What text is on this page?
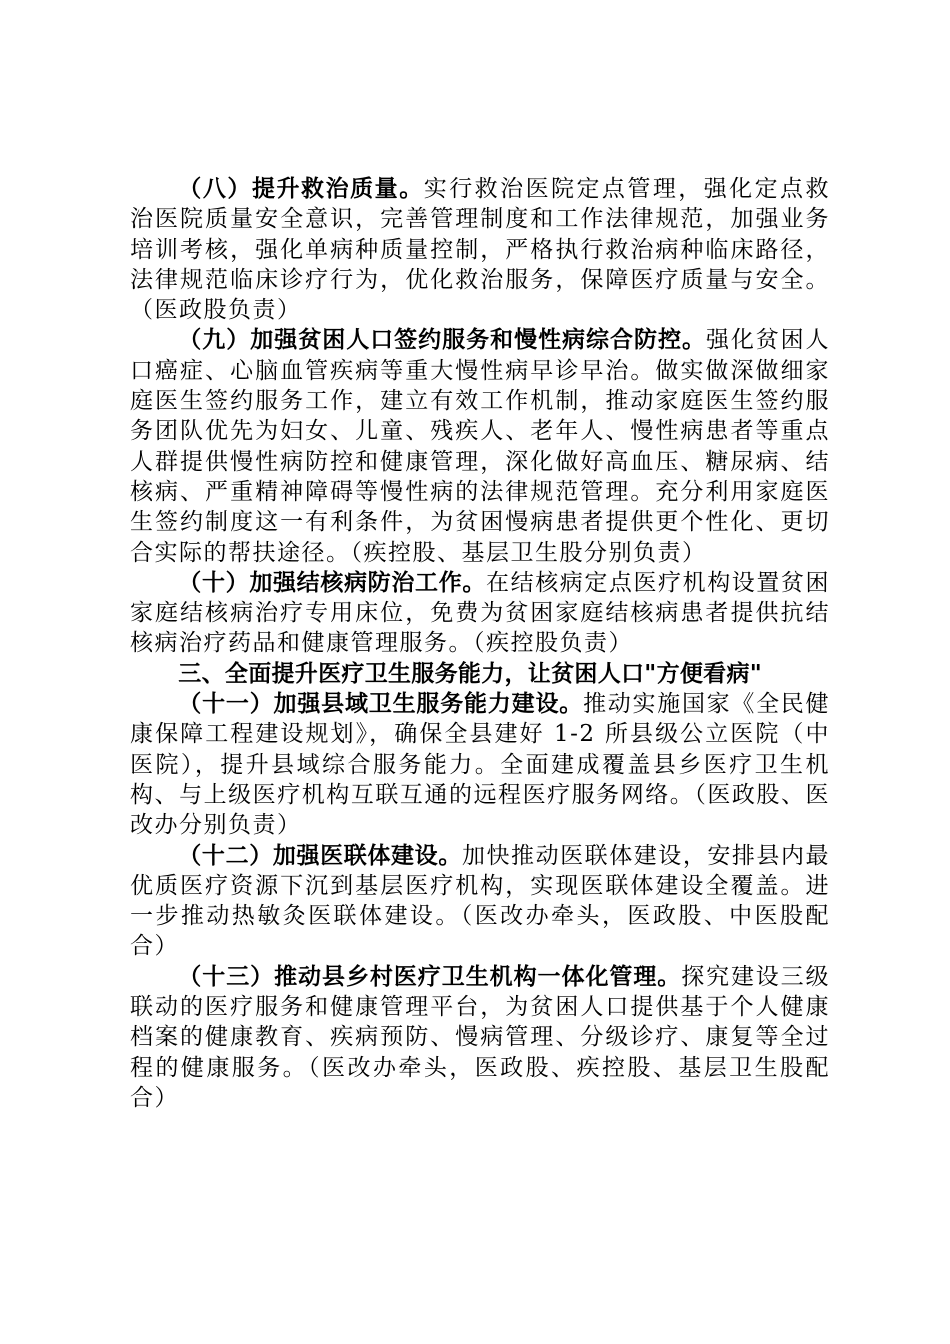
（八）提升救治质量。实行救治医院定点管理，强化定点救治医院质量安全意识，完善管理制度和工作法律规范，加强业务培训考核，强化单病种质量控制，严格执行救治病种临床路径，法律规范临床诊疗行为，优化救治服务，保障医疗质量与安全。（医政股负责）

（九）加强贫困人口签约服务和慢性病综合防控。强化贫困人口癌症、心脑血管疾病等重大慢性病早诊早治。做实做深做细家庭医生签约服务工作，建立有效工作机制，推动家庭医生签约服务团队优先为妇女、儿童、残疾人、老年人、慢性病患者等重点人群提供慢性病防控和健康管理，深化做好高血压、糖尿病、结核病、严重精神障碍等慢性病的法律规范管理。充分利用家庭医生签约制度这一有利条件，为贫困慢病患者提供更个性化、更切合实际的帮扶途径。（疾控股、基层卫生股分别负责）

（十）加强结核病防治工作。在结核病定点医疗机构设置贫困家庭结核病治疗专用床位，免费为贫困家庭结核病患者提供抗结核病治疗药品和健康管理服务。（疾控股负责）

三、全面提升医疗卫生服务能力，让贫困人口"方便看病"

（十一）加强县域卫生服务能力建设。推动实施国家《全民健康保障工程建设规划》，确保全县建好 1-2 所县级公立医院（中医院），提升县域综合服务能力。全面建成覆盖县乡医疗卫生机构、与上级医疗机构互联互通的远程医疗服务网络。（医政股、医改办分别负责）

（十二）加强医联体建设。加快推动医联体建设，安排县内最优质医疗资源下沉到基层医疗机构，实现医联体建设全覆盖。进一步推动热敏灸医联体建设。（医改办牵头，医政股、中医股配合）

（十三）推动县乡村医疗卫生机构一体化管理。探究建设三级联动的医疗服务和健康管理平台，为贫困人口提供基于个人健康档案的健康教育、疾病预防、慢病管理、分级诊疗、康复等全过程的健康服务。（医改办牵头，医政股、疾控股、基层卫生股配合）
